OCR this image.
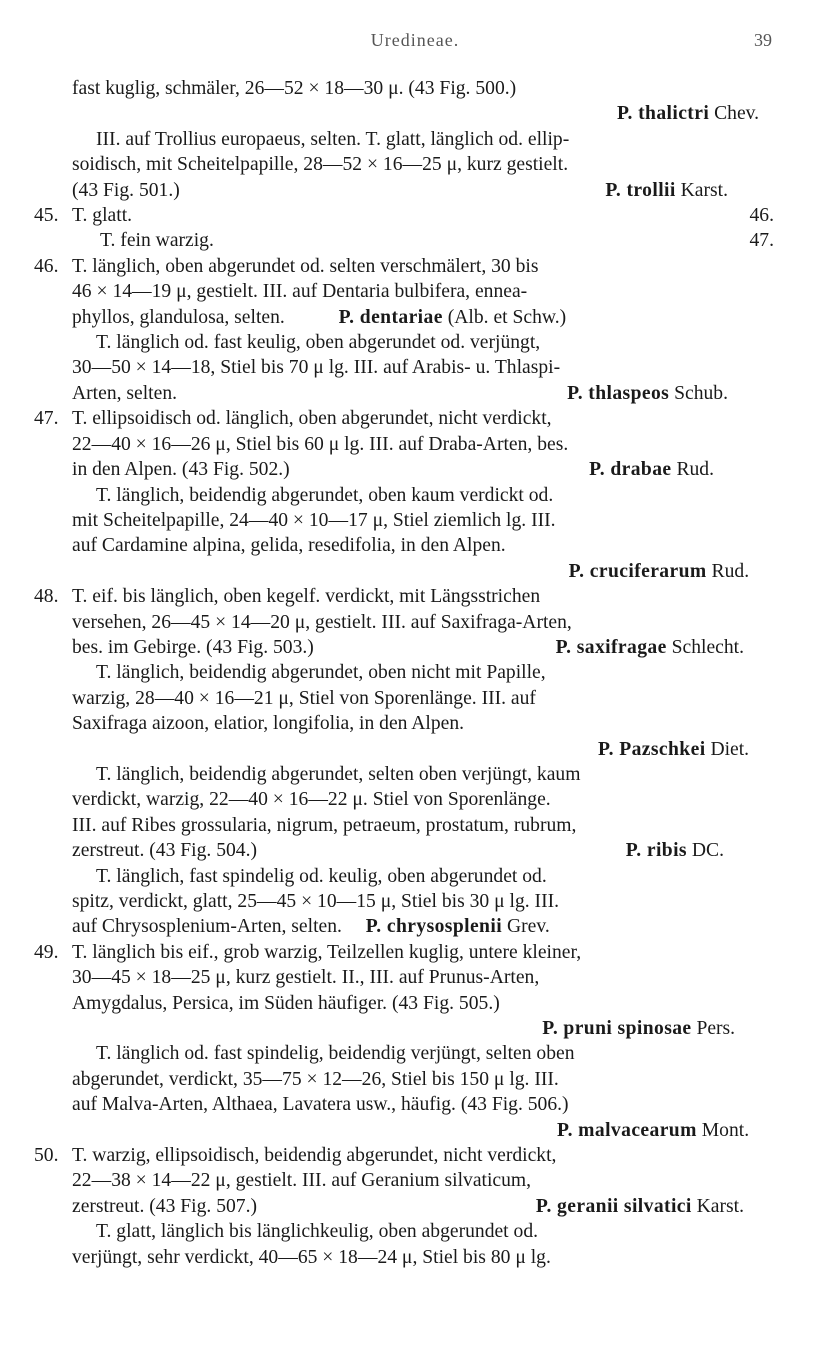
Uredineae.	39
fast kuglig, schmäler, 26—52 × 18—30 μ. (43 Fig. 500.)
P. thalictri Chev.
III. auf Trollius europaeus, selten. T. glatt, länglich od. ellip-
soidisch, mit Scheitelpapille, 28—52 × 16—25 μ, kurz gestielt.
(43 Fig. 501.)	P. trollii Karst.
45. T. glatt.	46.
T. fein warzig.	47.
46. T. länglich, oben abgerundet od. selten verschmälert, 30 bis
46 × 14—19 μ, gestielt. III. auf Dentaria bulbifera, ennea-
phyllos, glandulosa, selten.	P. dentariae (Alb. et Schw.)
T. länglich od. fast keulig, oben abgerundet od. verjüngt,
30—50 × 14—18, Stiel bis 70 μ lg. III. auf Arabis- u. Thlaspi-
Arten, selten.	P. thlaspeos Schub.
47. T. ellipsoidisch od. länglich, oben abgerundet, nicht verdickt,
22—40 × 16—26 μ, Stiel bis 60 μ lg. III. auf Draba-Arten, bes.
in den Alpen. (43 Fig. 502.)	P. drabae Rud.
T. länglich, beidendig abgerundet, oben kaum verdickt od.
mit Scheitelpapille, 24—40 × 10—17 μ, Stiel ziemlich lg. III.
auf Cardamine alpina, gelida, resedifolia, in den Alpen.
P. cruciferarum Rud.
48. T. eif. bis länglich, oben kegelf. verdickt, mit Längsstrichen
versehen, 26—45 × 14—20 μ, gestielt. III. auf Saxifraga-Arten,
bes. im Gebirge. (43 Fig. 503.)	P. saxifragae Schlecht.
T. länglich, beidendig abgerundet, oben nicht mit Papille,
warzig, 28—40 × 16—21 μ, Stiel von Sporenlänge. III. auf
Saxifraga aizoon, elatior, longifolia, in den Alpen.
P. Pazschkei Diet.
T. länglich, beidendig abgerundet, selten oben verjüngt, kaum
verdickt, warzig, 22—40 × 16—22 μ. Stiel von Sporenlänge.
III. auf Ribes grossularia, nigrum, petraeum, prostatum, rubrum,
zerstreut. (43 Fig. 504.)	P. ribis DC.
T. länglich, fast spindelig od. keulig, oben abgerundet od.
spitz, verdickt, glatt, 25—45 × 10—15 μ, Stiel bis 30 μ lg. III.
auf Chrysosplenium-Arten, selten. P. chrysosplenii Grev.
49. T. länglich bis eif., grob warzig, Teilzellen kuglig, untere kleiner,
30—45 × 18—25 μ, kurz gestielt. II., III. auf Prunus-Arten,
Amygdalus, Persica, im Süden häufiger. (43 Fig. 505.)
P. pruni spinosae Pers.
T. länglich od. fast spindelig, beidendig verjüngt, selten oben
abgerundet, verdickt, 35—75 × 12—26, Stiel bis 150 μ lg. III.
auf Malva-Arten, Althaea, Lavatera usw., häufig. (43 Fig. 506.)
P. malvacearum Mont.
50. T. warzig, ellipsoidisch, beidendig abgerundet, nicht verdickt,
22—38 × 14—22 μ, gestielt. III. auf Geranium silvaticum,
zerstreut. (43 Fig. 507.)	P. geranii silvatici Karst.
T. glatt, länglich bis länglichkeulig, oben abgerundet od.
verjüngt, sehr verdickt, 40—65 × 18—24 μ, Stiel bis 80 μ lg.
